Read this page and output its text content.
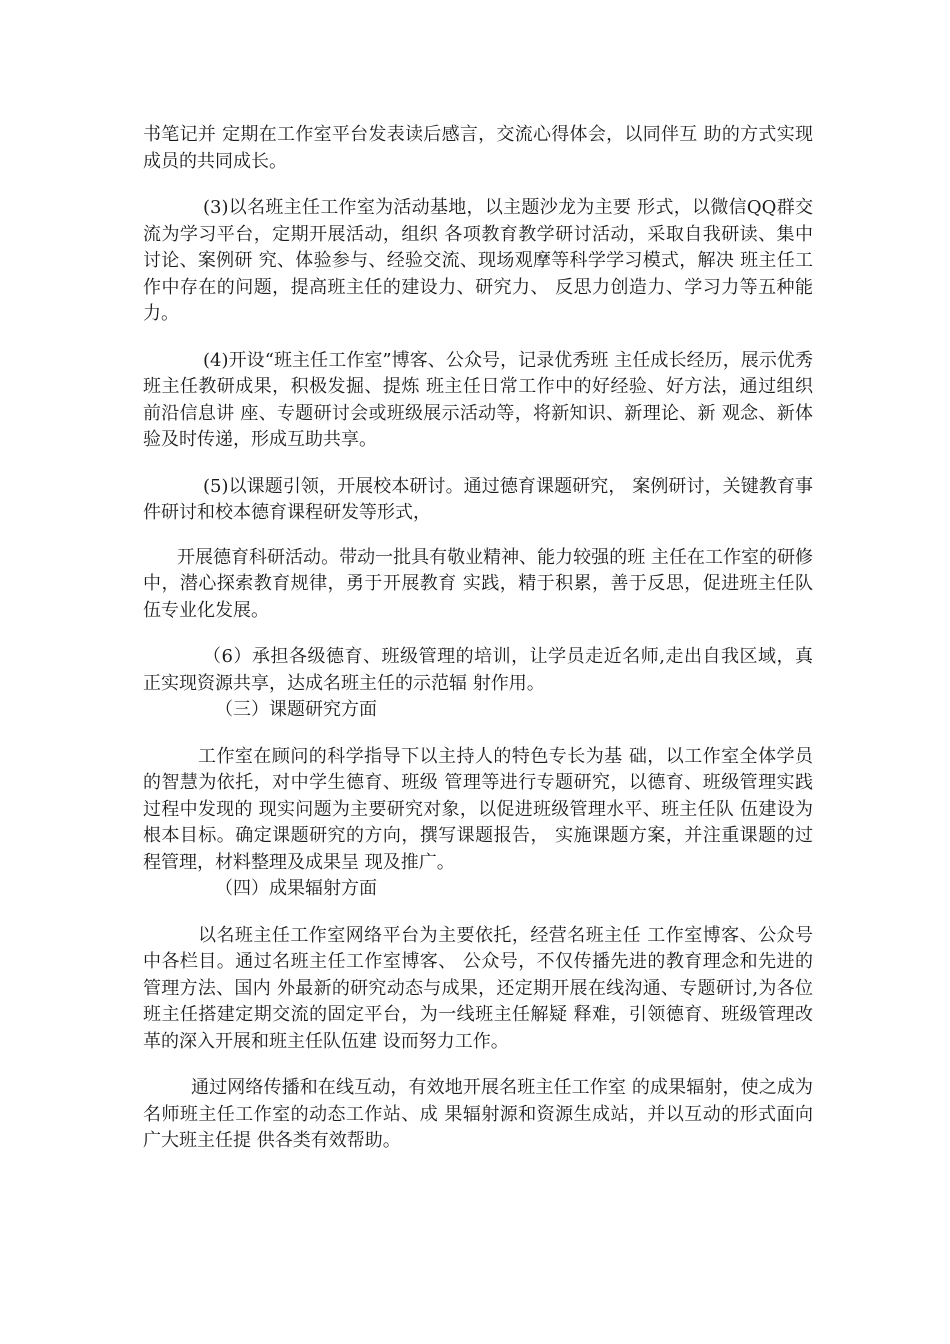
书笔记并 定期在工作室平台发表读后感言，交流心得体会，以同伴互 助的方式实现成员的共同成长。

(3)以名班主任工作室为活动基地，以主题沙龙为主要 形式，以微信QQ群交流为学习平台，定期开展活动，组织 各项教育教学研讨活动，采取自我研读、集中讨论、案例研 究、体验参与、经验交流、现场观摩等科学学习模式，解决 班主任工作中存在的问题，提高班主任的建设力、研究力、 反思力创造力、学习力等五种能力。

(4)开设“班主任工作室”博客、公众号，记录优秀班 主任成长经历，展示优秀班主任教研成果，积极发掘、提炼 班主任日常工作中的好经验、好方法，通过组织前沿信息讲 座、专题研讨会或班级展示活动等，将新知识、新理论、新 观念、新体验及时传递，形成互助共享。

(5)以课题引领，开展校本研讨。通过德育课题研究， 案例研讨，关键教育事件研讨和校本德育课程研发等形式，

开展德育科研活动。带动一批具有敬业精神、能力较强的班 主任在工作室的研修中，潜心探索教育规律，勇于开展教育 实践，精于积累，善于反思，促进班主任队伍专业化发展。

（6）承担各级德育、班级管理的培训，让学员走近名师,走出自我区域，真正实现资源共享，达成名班主任的示范辐 射作用。

（三）课题研究方面

工作室在顾问的科学指导下以主持人的特色专长为基 础，以工作室全体学员的智慧为依托，对中学生德育、班级 管理等进行专题研究，以德育、班级管理实践过程中发现的 现实问题为主要研究对象，以促进班级管理水平、班主任队 伍建设为根本目标。确定课题研究的方向，撰写课题报告， 实施课题方案，并注重课题的过程管理，材料整理及成果呈 现及推广。

（四）成果辐射方面

以名班主任工作室网络平台为主要依托，经营名班主任 工作室博客、公众号中各栏目。通过名班主任工作室博客、 公众号，不仅传播先进的教育理念和先进的管理方法、国内 外最新的研究动态与成果，还定期开展在线沟通、专题研讨,为各位班主任搭建定期交流的固定平台，为一线班主任解疑 释难，引领德育、班级管理改革的深入开展和班主任队伍建 设而努力工作。

通过网络传播和在线互动，有效地开展名班主任工作室 的成果辐射，使之成为名师班主任工作室的动态工作站、成 果辐射源和资源生成站，并以互动的形式面向广大班主任提 供各类有效帮助。
